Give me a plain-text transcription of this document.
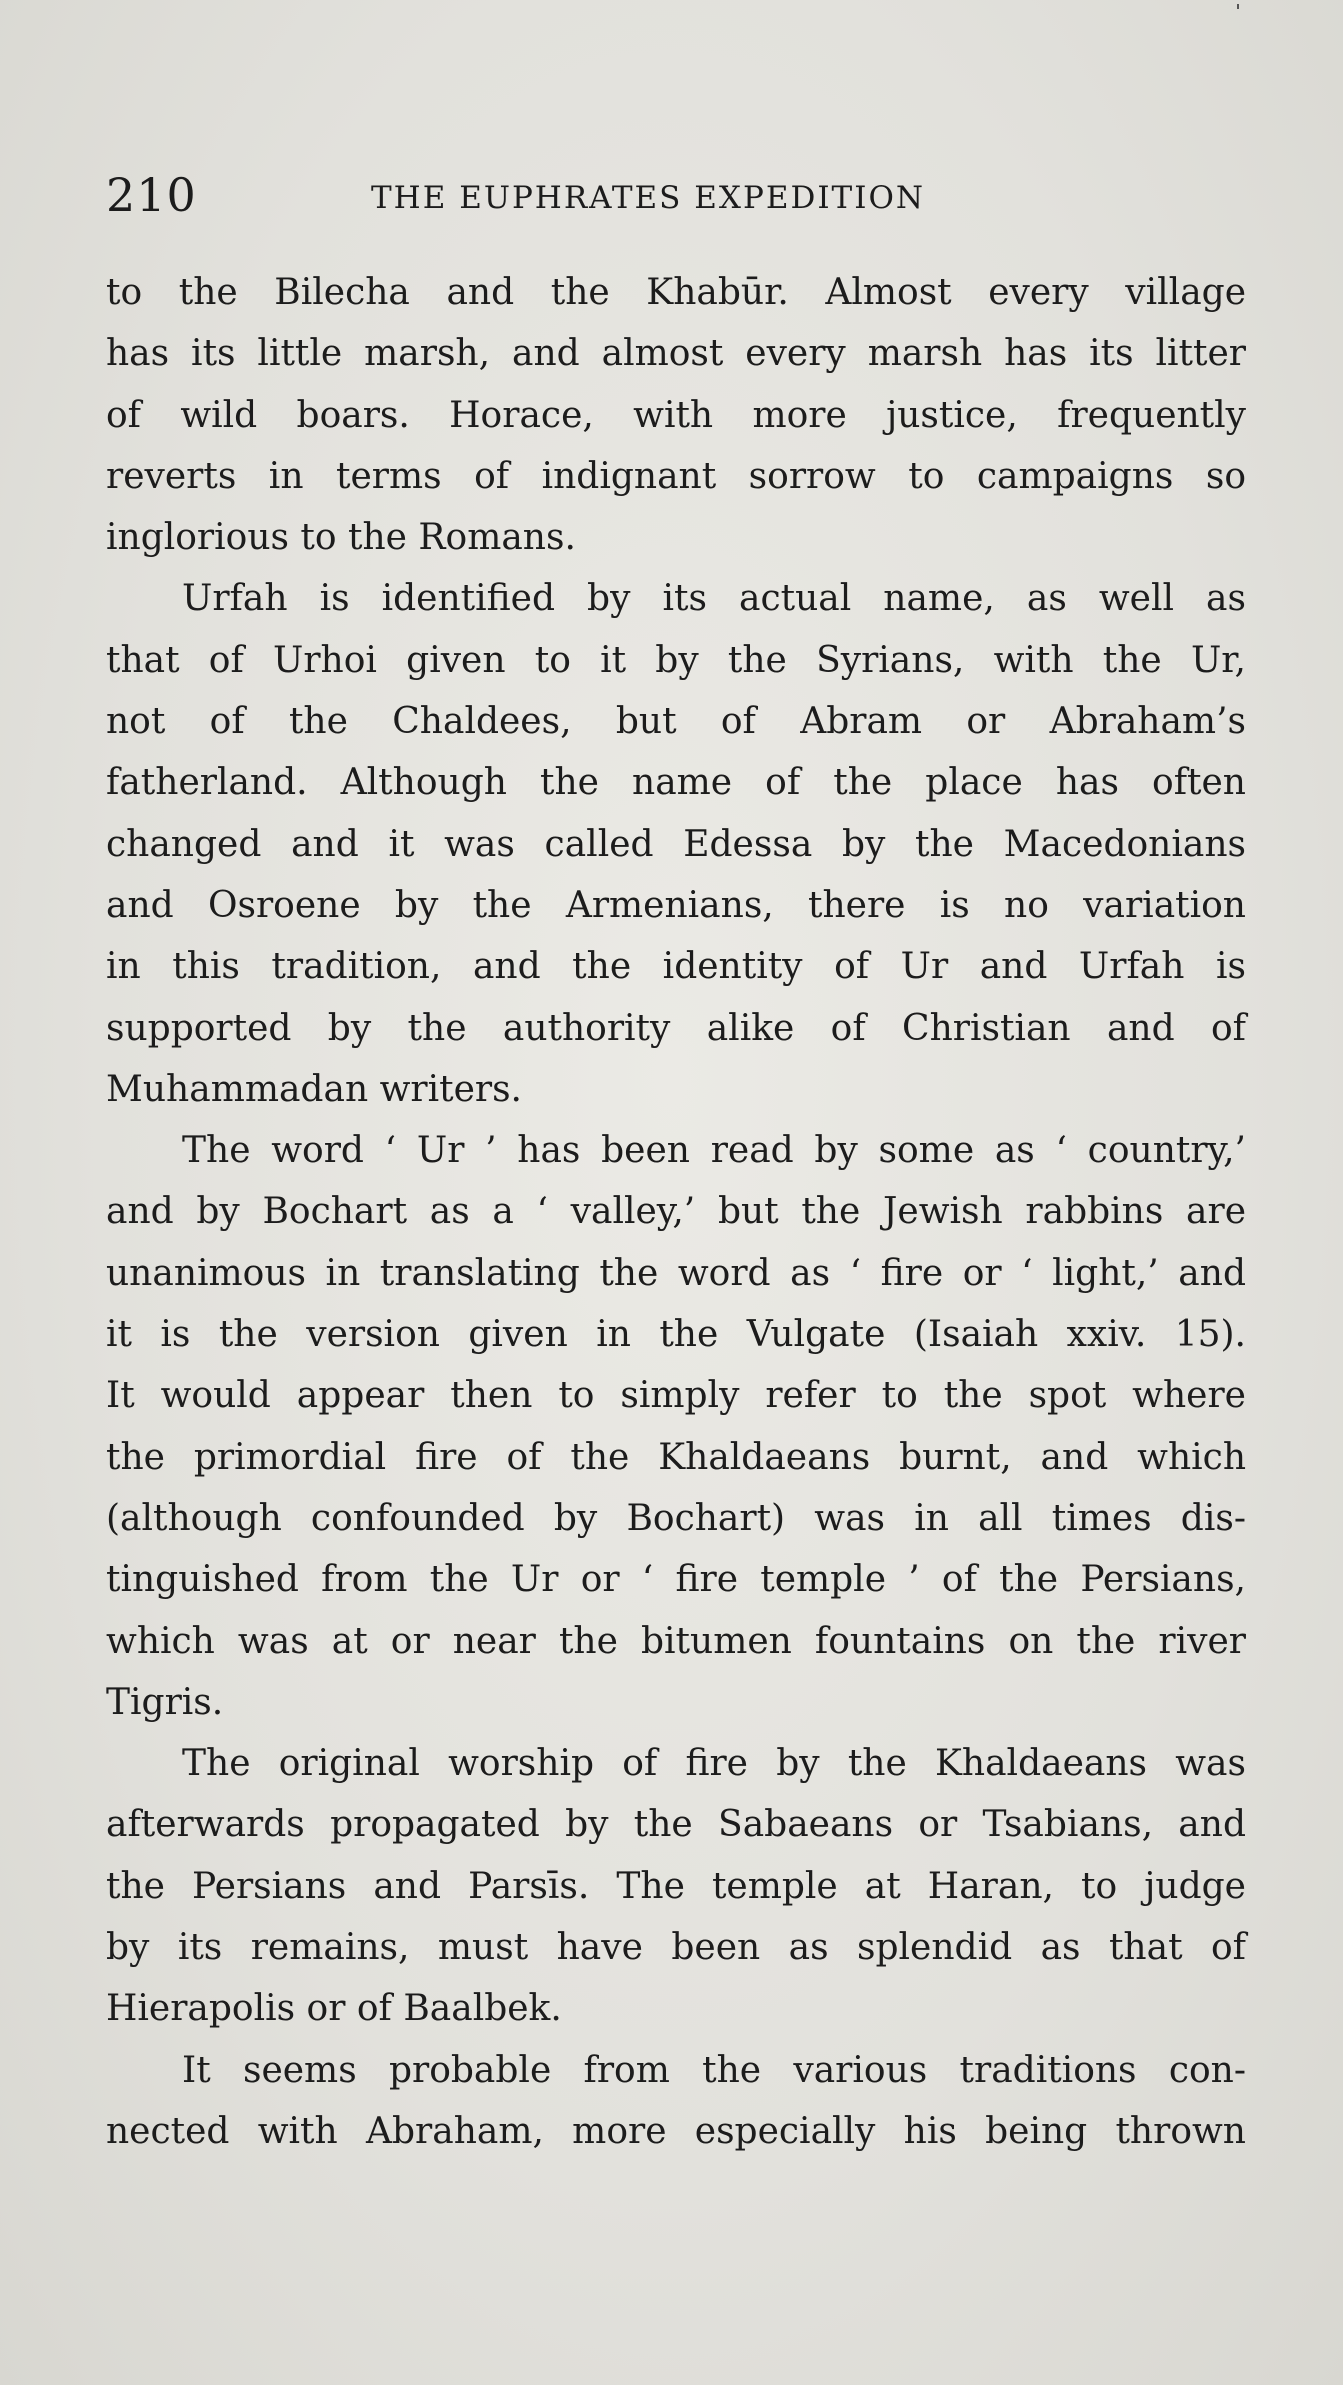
210	THE EUPHRATES EXPEDITION
to the Bilecha and the Khabūr. Almost every village
has its little marsh, and almost every marsh has its litter
of wild boars. Horace, with more justice, frequently
reverts in terms of indignant sorrow to campaigns so
inglorious to the Romans.
Urfah is identified by its actual name, as well as
that of Urhoi given to it by the Syrians, with the Ur,
not of the Chaldees, but of Abram or Abraham’s
fatherland. Although the name of the place has often
changed and it was called Edessa by the Macedonians
and Osroene by the Armenians, there is no variation
in this tradition, and the identity of Ur and Urfah is
supported by the authority alike of Christian and of
Muhammadan writers.
The word ‘ Ur ’ has been read by some as ‘ country,’
and by Bochart as a ‘ valley,’ but the Jewish rabbins are
unanimous in translating the word as ‘ fire or ‘ light,’ and
it is the version given in the Vulgate (Isaiah xxiv. 15).
It would appear then to simply refer to the spot where
the primordial fire of the Khaldaeans burnt, and which
(although confounded by Bochart) was in all times dis-
tinguished from the Ur or ‘ fire temple ’ of the Persians,
which was at or near the bitumen fountains on the river
Tigris.
The original worship of fire by the Khaldaeans was
afterwards propagated by the Sabaeans or Tsabians, and
the Persians and Parsīs. The temple at Haran, to judge
by its remains, must have been as splendid as that of
Hierapolis or of Baalbek.
It seems probable from the various traditions con-
nected with Abraham, more especially his being thrown
